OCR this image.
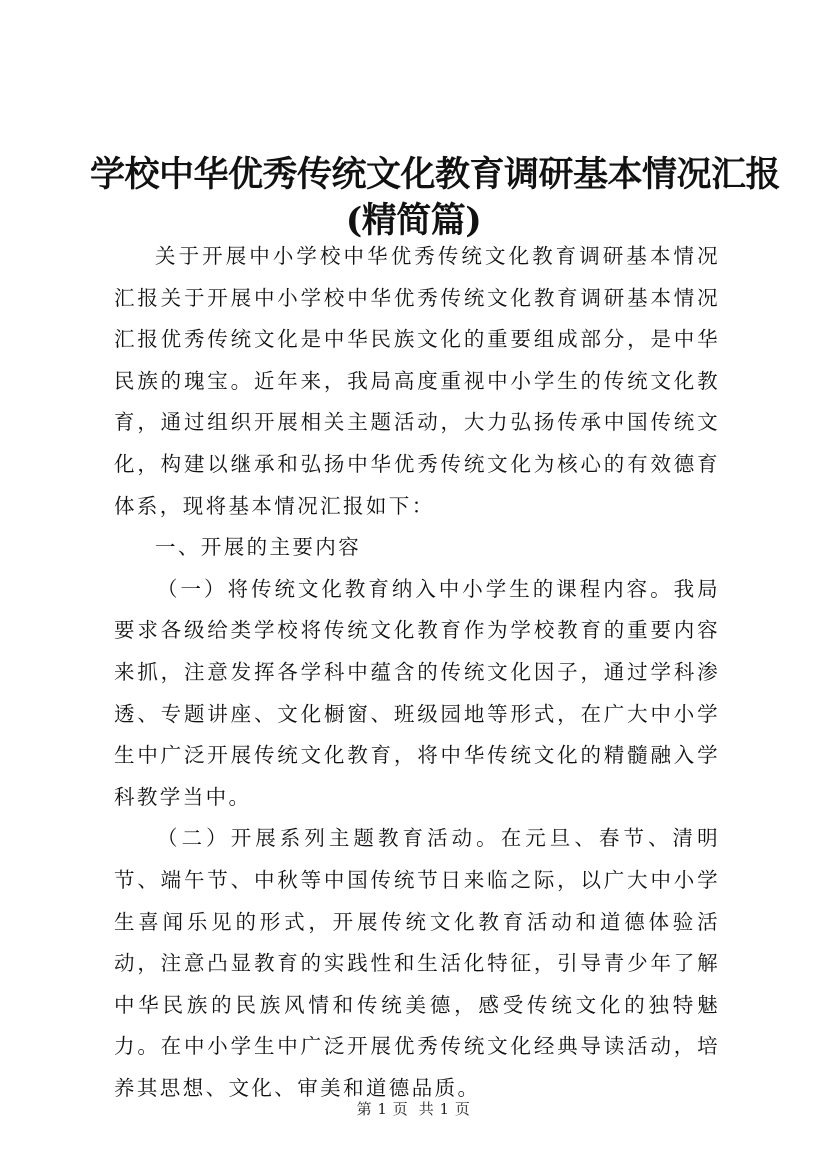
学校中华优秀传统文化教育调研基本情况汇报
(精简篇)

关于开展中小学校中华优秀传统文化教育调研基本情况汇报关于开展中小学校中华优秀传统文化教育调研基本情况汇报优秀传统文化是中华民族文化的重要组成部分，是中华民族的瑰宝。近年来，我局高度重视中小学生的传统文化教育，通过组织开展相关主题活动，大力弘扬传承中国传统文化，构建以继承和弘扬中华优秀传统文化为核心的有效德育体系，现将基本情况汇报如下：

一、开展的主要内容

（一）将传统文化教育纳入中小学生的课程内容。我局要求各级给类学校将传统文化教育作为学校教育的重要内容来抓，注意发挥各学科中蕴含的传统文化因子，通过学科渗透、专题讲座、文化橱窗、班级园地等形式，在广大中小学生中广泛开展传统文化教育，将中华传统文化的精髓融入学科教学当中。

（二）开展系列主题教育活动。在元旦、春节、清明节、端午节、中秋等中国传统节日来临之际，以广大中小学生喜闻乐见的形式，开展传统文化教育活动和道德体验活动，注意凸显教育的实践性和生活化特征，引导青少年了解中华民族的民族风情和传统美德，感受传统文化的独特魅力。在中小学生中广泛开展优秀传统文化经典导读活动，培养其思想、文化、审美和道德品质。

第 1 页  共 1 页
